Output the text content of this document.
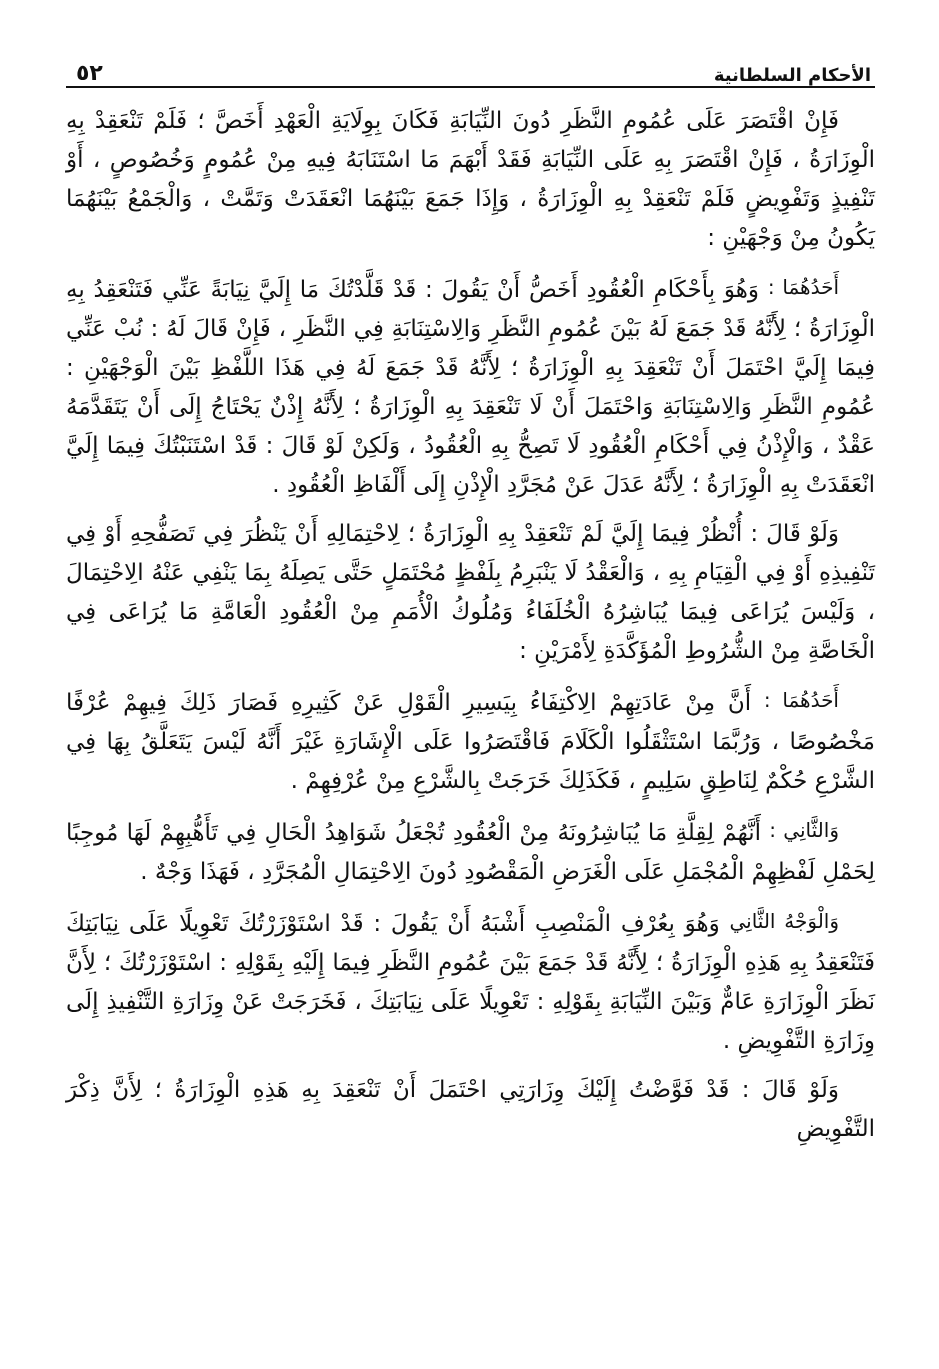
الأحكام السلطانية
٥٢

فَإِنْ اقْتَصَرَ عَلَى عُمُومِ النَّظَرِ دُونَ النِّيَابَةِ فَكَانَ بِوِلَايَةِ الْعَهْدِ أَخَصَّ ؛ فَلَمْ تَنْعَقِدْ بِهِ الْوِزَارَةُ ، فَإِنْ اقْتَصَرَ بِهِ عَلَى النِّيَابَةِ فَقَدْ أَبْهَمَ مَا اسْتَنَابَهُ فِيهِ مِنْ عُمُومٍ وَخُصُوصٍ ، أَوْ تَنْفِيذٍ وَتَفْوِيضٍ فَلَمْ تَنْعَقِدْ بِهِ الْوِزَارَةُ ، وَإِذَا جَمَعَ بَيْنَهُمَا انْعَقَدَتْ وَتَمَّتْ ، وَالْجَمْعُ بَيْنَهُمَا يَكُونُ مِنْ وَجْهَيْنِ :

أَحَدُهُمَا : وَهُوَ بِأَحْكَامِ الْعُقُودِ أَخَصُّ أَنْ يَقُولَ : قَدْ قَلَّدْتُكَ مَا إِلَيَّ نِيَابَةً عَنِّي فَتَنْعَقِدُ بِهِ الْوِزَارَةُ ؛ لِأَنَّهُ قَدْ جَمَعَ لَهُ بَيْنَ عُمُومِ النَّظَرِ وَالِاسْتِنَابَةِ فِي النَّظَرِ ، فَإِنْ قَالَ لَهُ : نُبْ عَنِّي فِيمَا إِلَيَّ احْتَمَلَ أَنْ تَنْعَقِدَ بِهِ الْوِزَارَةُ ؛ لِأَنَّهُ قَدْ جَمَعَ لَهُ فِي هَذَا اللَّفْظِ بَيْنَ الْوَجْهَيْنِ : عُمُومِ النَّظَرِ وَالِاسْتِنَابَةِ وَاحْتَمَلَ أَنْ لَا تَنْعَقِدَ بِهِ الْوِزَارَةُ ؛ لِأَنَّهُ إِذْنٌ يَحْتَاجُ إِلَى أَنْ يَتَقَدَّمَهُ عَقْدٌ ، وَالْإِذْنُ فِي أَحْكَامِ الْعُقُودِ لَا تَصِحُّ بِهِ الْعُقُودُ ، وَلَكِنْ لَوْ قَالَ : قَدْ اسْتَنَبْتُكَ فِيمَا إِلَيَّ انْعَقَدَتْ بِهِ الْوِزَارَةُ ؛ لِأَنَّهُ عَدَلَ عَنْ مُجَرَّدِ الْإِذْنِ إِلَى أَلْفَاظِ الْعُقُودِ .

وَلَوْ قَالَ : أُنْظُرْ فِيمَا إِلَيَّ لَمْ تَنْعَقِدْ بِهِ الْوِزَارَةُ ؛ لِاحْتِمَالِهِ أَنْ يَنْظُرَ فِي تَصَفُّحِهِ أَوْ فِي تَنْفِيذِهِ أَوْ فِي الْقِيَامِ بِهِ ، وَالْعَقْدُ لَا يَنْبَرِمُ بِلَفْظٍ مُحْتَمَلٍ حَتَّى يَصِلَهُ بِمَا يَنْفِي عَنْهُ الِاحْتِمَالَ ، وَلَيْسَ يُرَاعَى فِيمَا يُبَاشِرُهُ الْخُلَفَاءُ وَمُلُوكُ الْأُمَمِ مِنْ الْعُقُودِ الْعَامَّةِ مَا يُرَاعَى فِي الْخَاصَّةِ مِنْ الشُّرُوطِ الْمُؤَكَّدَةِ لِأَمْرَيْنِ :

أَحَدُهُمَا : أَنَّ مِنْ عَادَتِهِمْ الِاكْتِفَاءُ بِيَسِيرِ الْقَوْلِ عَنْ كَثِيرِهِ فَصَارَ ذَلِكَ فِيهِمْ عُرْفًا مَخْصُوصًا ، وَرُبَّمَا اسْتَثْقَلُوا الْكَلَامَ فَاقْتَصَرُوا عَلَى الْإِشَارَةِ غَيْرَ أَنَّهُ لَيْسَ يَتَعَلَّقُ بِهَا فِي الشَّرْعِ حُكْمٌ لِنَاطِقٍ سَلِيمٍ ، فَكَذَلِكَ خَرَجَتْ بِالشَّرْعِ مِنْ عُرْفِهِمْ .

وَالثَّانِي : أَنَّهُمْ لِقِلَّةِ مَا يُبَاشِرُونَهُ مِنْ الْعُقُودِ تُجْعَلُ شَوَاهِدُ الْحَالِ فِي تَأَهُّبِهِمْ لَهَا مُوجِبًا لِحَمْلِ لَفْظِهِمْ الْمُجْمَلِ عَلَى الْغَرَضِ الْمَقْصُودِ دُونَ الِاحْتِمَالِ الْمُجَرَّدِ ، فَهَذَا وَجْهٌ .

وَالْوَجْهُ الثَّانِي وَهُوَ بِعُرْفِ الْمَنْصِبِ أَشْبَهُ أَنْ يَقُولَ : قَدْ اسْتَوْزَرْتُكَ تَعْوِيلًا عَلَى نِيَابَتِكَ فَتَنْعَقِدُ بِهِ هَذِهِ الْوِزَارَةُ ؛ لِأَنَّهُ قَدْ جَمَعَ بَيْنَ عُمُومِ النَّظَرِ فِيمَا إِلَيْهِ بِقَوْلِهِ : اسْتَوْزَرْتُكَ ؛ لِأَنَّ نَظَرَ الْوِزَارَةِ عَامٌّ وَبَيْنَ النِّيَابَةِ بِقَوْلِهِ : تَعْوِيلًا عَلَى نِيَابَتِكَ ، فَخَرَجَتْ عَنْ وِزَارَةِ التَّنْفِيذِ إِلَى وِزَارَةِ التَّفْوِيضِ .

وَلَوْ قَالَ : قَدْ فَوَّضْتُ إِلَيْكَ وِزَارَتِي احْتَمَلَ أَنْ تَنْعَقِدَ بِهِ هَذِهِ الْوِزَارَةُ ؛ لِأَنَّ ذِكْرَ التَّفْوِيضِ
